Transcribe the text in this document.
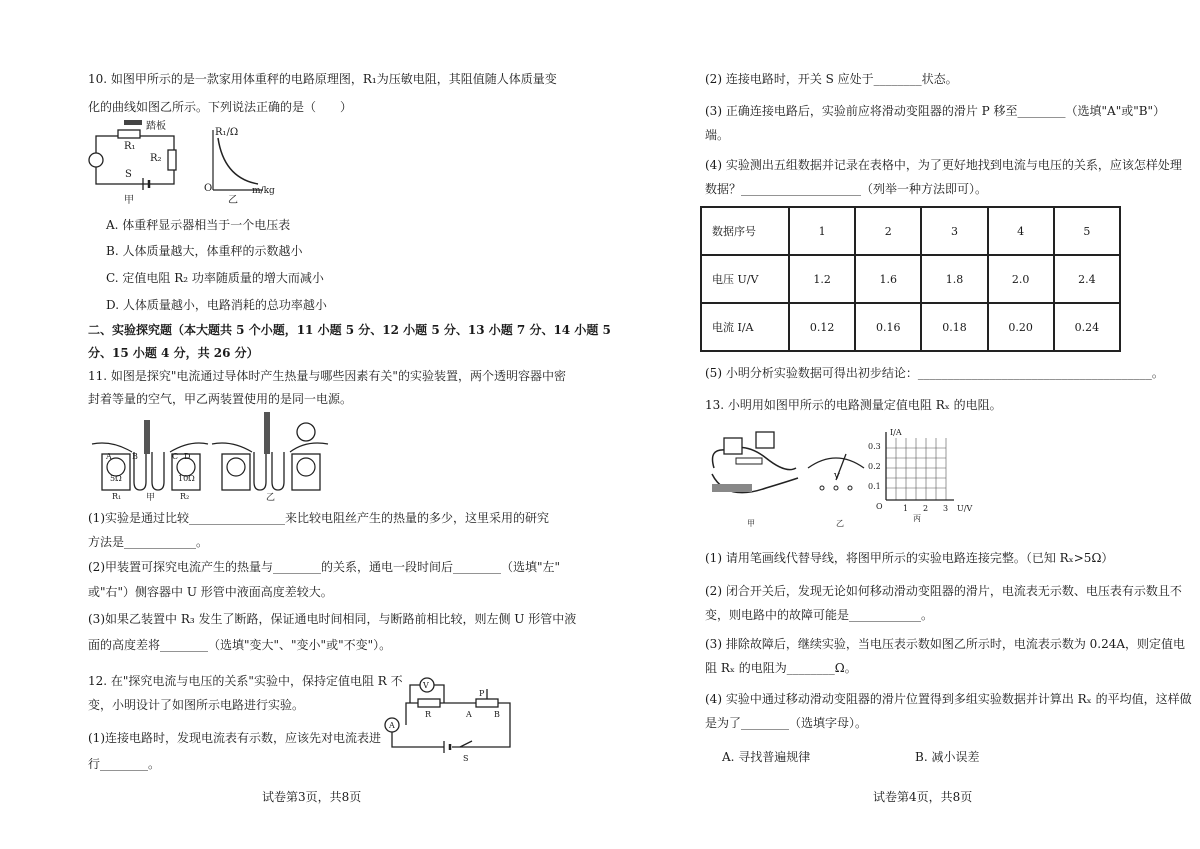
10. 如图甲所示的是一款家用体重秤的电路原理图，R₁为压敏电阻，其阻值随人体质量变
化的曲线如图乙所示。下列说法正确的是（　　）
踏板
R₁
R₂
S
R₁/Ω
O	m/kg
甲	乙
A. 体重秤显示器相当于一个电压表
B. 人体质量越大，体重秤的示数越小
C. 定值电阻 R₂ 功率随质量的增大而减小
D. 人体质量越小，电路消耗的总功率越小
二、实验探究题（本大题共 5 个小题，11 小题 5 分、12 小题 5 分、13 小题 7 分、14 小题 5
分、15 小题 4 分，共 26 分）
11. 如图是探究"电流通过导体时产生热量与哪些因素有关"的实验装置，两个透明容器中密
封着等量的空气，甲乙两装置使用的是同一电源。
A	B	C D
5Ω	10Ω
R₁	R₂
甲	乙
(1)实验是通过比较________________来比较电阻丝产生的热量的多少，这里采用的研究
方法是____________。
(2)甲装置可探究电流产生的热量与________的关系，通电一段时间后________（选填"左"
或"右"）侧容器中 U 形管中液面高度差较大。
(3)如果乙装置中 R₃ 发生了断路，保证通电时间相同，与断路前相比较，则左侧 U 形管中液
面的高度差将________（选填"变大"、"变小"或"不变"）。
12. 在"探究电流与电压的关系"实验中，保持定值电阻 R 不
变，小明设计了如图所示电路进行实验。
(1)连接电路时，发现电流表有示数，应该先对电流表进
行________。
V
A
R
P
A	B
S
试卷第3页，共8页
(2) 连接电路时，开关 S 应处于________状态。
(3) 正确连接电路后，实验前应将滑动变阻器的滑片 P 移至________（选填"A"或"B"）
端。
(4) 实验测出五组数据并记录在表格中，为了更好地找到电流与电压的关系，应该怎样处理
数据？____________________（列举一种方法即可）。
数据序号	1	2	3	4	5
电压 U/V	1.2	1.6	1.8	2.0	2.4
电流 I/A	0.12	0.16	0.18	0.20	0.24
(5) 小明分析实验数据可得出初步结论：_______________________________________。
13. 小明用如图甲所示的电路测量定值电阻 Rₓ 的电阻。
V
I/A
0.3
0.2
0.1
O	1 2 3 U/V
甲	乙
丙
(1) 请用笔画线代替导线，将图甲所示的实验电路连接完整。（已知 Rₓ>5Ω）
(2) 闭合开关后，发现无论如何移动滑动变阻器的滑片，电流表无示数、电压表有示数且不
变，则电路中的故障可能是____________。
(3) 排除故障后，继续实验，当电压表示数如图乙所示时，电流表示数为 0.24A，则定值电
阻 Rₓ 的电阻为________Ω。
(4) 实验中通过移动滑动变阻器的滑片位置得到多组实验数据并计算出 Rₓ 的平均值，这样做
是为了________（选填字母）。
A. 寻找普遍规律	B. 减小误差
试卷第4页，共8页
